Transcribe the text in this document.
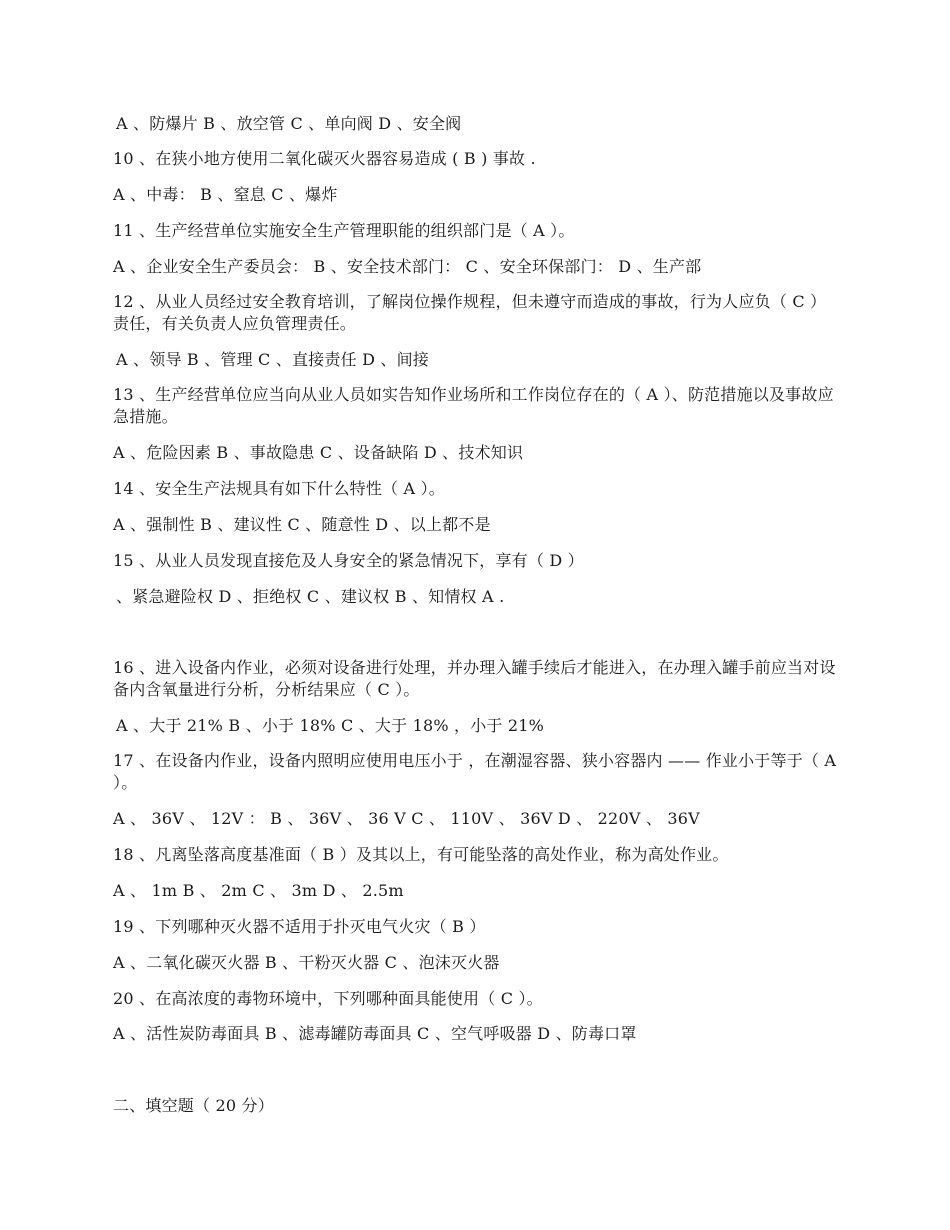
A 、防爆片 B 、放空管 C 、单向阀 D 、安全阀
10 、在狭小地方使用二氧化碳灭火器容易造成 ( B ) 事故 .
A 、中毒： B 、窒息 C 、爆炸
11 、生产经营单位实施安全生产管理职能的组织部门是（ A ）。
A 、企业安全生产委员会： B 、安全技术部门： C 、安全环保部门： D 、生产部
12 、从业人员经过安全教育培训，了解岗位操作规程，但未遵守而造成的事故，行为人应负（ C ）责任，有关负责人应负管理责任。
A 、领导 B 、管理 C 、直接责任 D 、间接
13 、生产经营单位应当向从业人员如实告知作业场所和工作岗位存在的（ A ）、防范措施以及事故应急措施。
A 、危险因素 B 、事故隐患 C 、设备缺陷 D 、技术知识
14 、安全生产法规具有如下什么特性（ A ）。
A 、强制性 B 、建议性 C 、随意性 D 、以上都不是
15 、从业人员发现直接危及人身安全的紧急情况下，享有（ D ）
、紧急避险权 D 、拒绝权 C 、建议权 B 、知情权 A .
16 、进入设备内作业，必须对设备进行处理，并办理入罐手续后才能进入，在办理入罐手前应当对设备内含氧量进行分析，分析结果应（ C ）。
A 、大于 21% B 、小于 18% C 、大于 18% ，小于 21%
17 、在设备内作业，设备内照明应使用电压小于 ，在潮湿容器、狭小容器内 —— 作业小于等于（ A ）。
A 、 36V 、 12V ： B 、 36V 、 36 V C 、 110V 、 36V D 、 220V 、 36V
18 、凡离坠落高度基准面（ B ）及其以上，有可能坠落的高处作业，称为高处作业。
A 、 1m B 、 2m C 、 3m D 、 2.5m
19 、下列哪种灭火器不适用于扑灭电气火灾（ B ）
A 、二氧化碳灭火器 B 、干粉灭火器 C 、泡沫灭火器
20 、在高浓度的毒物环境中，下列哪种面具能使用（ C ）。
A 、活性炭防毒面具 B 、滤毒罐防毒面具 C 、空气呼吸器 D 、防毒口罩
二、填空题（ 20 分）
